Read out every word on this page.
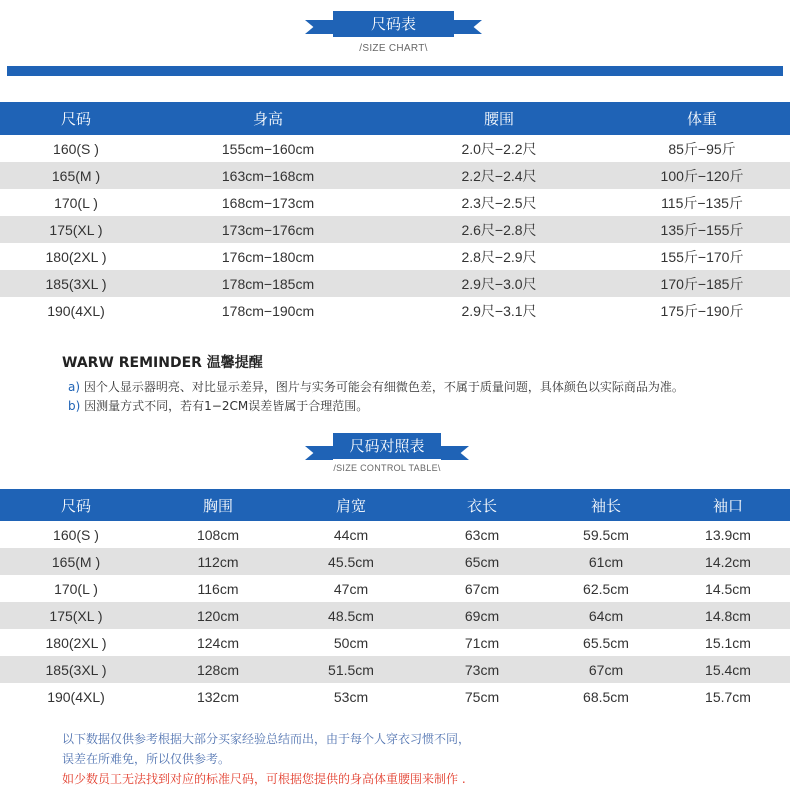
尺码表
/SIZE CHART\
尺码	身高	腰围	体重
160(S )	155cm−160cm	2.0尺−2.2尺	85斤−95斤
165(M )	163cm−168cm	2.2尺−2.4尺	100斤−120斤
170(L )	168cm−173cm	2.3尺−2.5尺	115斤−135斤
175(XL )	173cm−176cm	2.6尺−2.8尺	135斤−155斤
180(2XL )	176cm−180cm	2.8尺−2.9尺	155斤−170斤
185(3XL )	178cm−185cm	2.9尺−3.0尺	170斤−185斤
190(4XL)	178cm−190cm	2.9尺−3.1尺	175斤−190斤
WARW REMINDER 温馨提醒
a) 因个人显示器明亮、对比显示差异，图片与实务可能会有细微色差，不属于质量问题，具体颜色以实际商品为准。
b) 因测量方式不同，若有1−2CM误差皆属于合理范围。
尺码对照表
/SIZE CONTROL TABLE\
尺码	胸围	肩宽	衣长	袖长	袖口
160(S )	108cm	44cm	63cm	59.5cm	13.9cm
165(M )	112cm	45.5cm	65cm	61cm	14.2cm
170(L )	116cm	47cm	67cm	62.5cm	14.5cm
175(XL )	120cm	48.5cm	69cm	64cm	14.8cm
180(2XL )	124cm	50cm	71cm	65.5cm	15.1cm
185(3XL )	128cm	51.5cm	73cm	67cm	15.4cm
190(4XL)	132cm	53cm	75cm	68.5cm	15.7cm
以下数据仅供参考根据大部分买家经验总结而出，由于每个人穿衣习惯不同，
误差在所难免，所以仅供参考。
如少数员工无法找到对应的标准尺码，可根据您提供的身高体重腰围来制作 .
